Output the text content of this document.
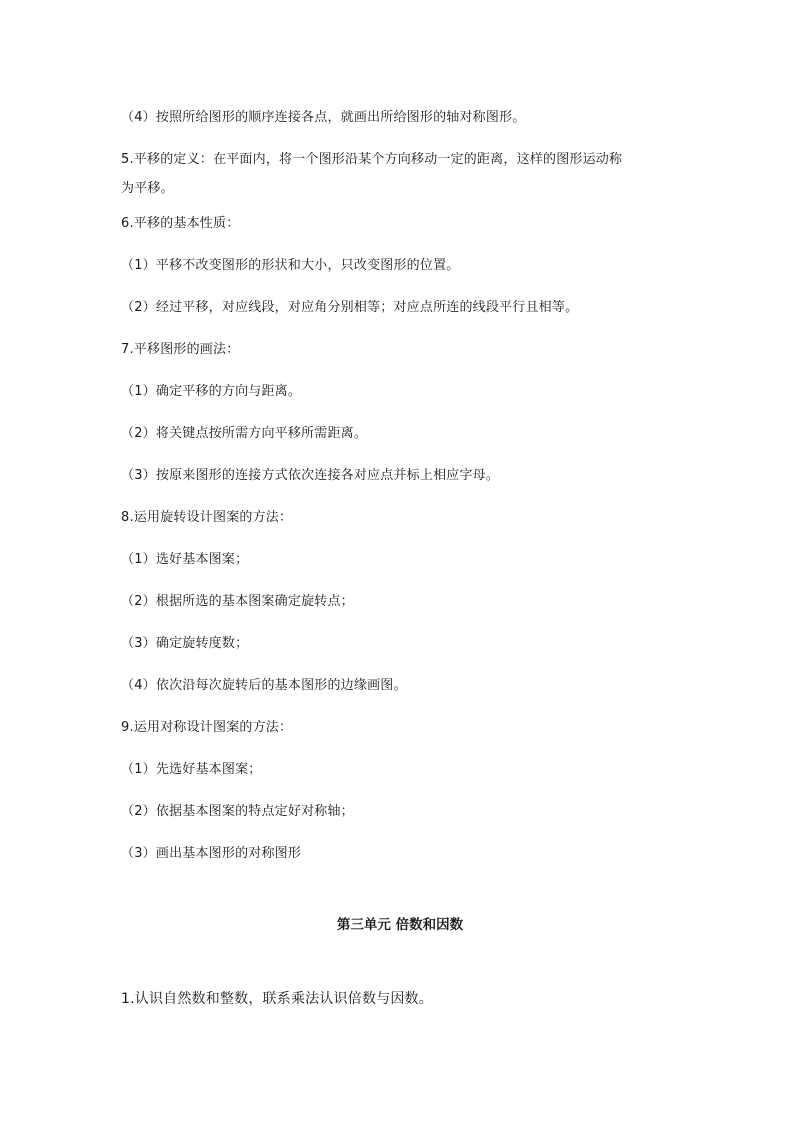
（4）按照所给图形的顺序连接各点，就画出所给图形的轴对称图形。
5.平移的定义：在平面内，将一个图形沿某个方向移动一定的距离，这样的图形运动称
为平移。
6.平移的基本性质：
（1）平移不改变图形的形状和大小，只改变图形的位置。
（2）经过平移，对应线段，对应角分别相等；对应点所连的线段平行且相等。
7.平移图形的画法：
（1）确定平移的方向与距离。
（2）将关键点按所需方向平移所需距离。
（3）按原来图形的连接方式依次连接各对应点并标上相应字母。
8.运用旋转设计图案的方法：
（1）选好基本图案；
（2）根据所选的基本图案确定旋转点；
（3）确定旋转度数；
（4）依次沿每次旋转后的基本图形的边缘画图。
9.运用对称设计图案的方法：
（1）先选好基本图案；
（2）依据基本图案的特点定好对称轴；
（3）画出基本图形的对称图形
第三单元 倍数和因数
1.认识自然数和整数，联系乘法认识倍数与因数。
